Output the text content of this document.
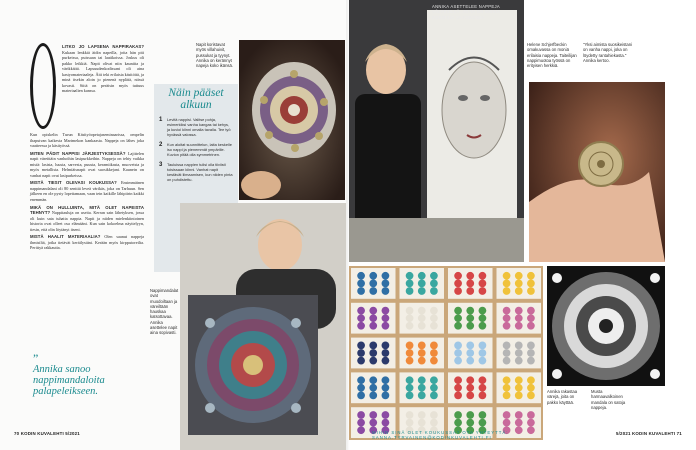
LITKO JO LAPSENA NAPPIRAKAS? Kukaan lenkkiä äidin napeilla, joita hän piti purkeissa, puissaan tai laatikoissa. Joskus oli pakko leikkiä. Napit olivat niin kauniita ja värikkäitä. Lapsuudenkodissani oli aina kastyomateriaaleja. Äiti teki erilaisia käsitöitä, ja minä itsekin aloin jo pienenä nyplätä, niissä kovasti. Siitä on peräisin myös tuttuus materiaalien kanssa.

Kun opiskelin Turun Käsityöopetajaseminaarissa, ompelin ihaputvan kaikesta Marimekon kankaasta. Nappeja on lähes joka vaatteessa ja käsityössä.

MITEN PÄDIT NAPPISI JÄRJESTYKSESSÄ? Lajittelen napit väreittäin vanhoihin lasipurkkeihin. Nappeja on tehty vaikka mistä: lasista, luusta, sarvesta, puusta, keramiikasta, muoveista ja myös metallista. Helmiäisnapit ovat suosikkejani. Kaunein on vanhat napit ovat lasipurkeissa.

MISTÄ TIESIT OLEVASI KOUKUSSA? Ensimmäinen nappimandalani oli 80 senttiä leveä värikäs, joka on Tarhuun. Sen jälkeen en ole pysty lopettamaan, vaan tein kaikille lähipiirin kaikki enemmän.

MIKÄ ON HULLUINTA, MITÄ OLET NAPEISTA TEHNYT? Nappitauluja on useita. Kerran sain lähetyksen, jossa oli kuin sata tuhatta nappia. Napit ja niiden mielenkiintoinen historia ovat olleet osa elämääni. Kun sain kokoelma näyttelyyn, tiesin, että olin löytänyt itseni.

MISTÄ HAALIT MATERIAALIA? Olen saanut nappeja ihmisiltä, jotka tietävät keräilystäni. Kerään myös kirpputoreilta. Perittyä rakkautta.

”
Annika sanoo nappimandaloita palapeleikseen.
70 KODIN KUVALEHTI 5/2021
Napit koristavat myös villahuivit, pussukat ja tyynyt. Annika on kerännyt napeja koko ikänsä.
Näin pääset alkuun
1	Levitä nappisi. Valitse pohja, esimerkiksi vanha kangas tai kehys, ja kuvioi kiinni omalla tavalla. Tee työ hyvässä valossa.
2	Kun aloitat suunnittelun, laita keskelle iso nappi ja pienemmät ympärille. Kuvion pitää olla symmetrinen.
3	Tauluissa nappien tulisi olla tiiviisti toisissaan kiinni. Vanhat napit kestävät liimaamisen, kun niiden pinta on puhdistettu.
Nappimandalat ovat muodoiltaan ja väreiltään hauskaa katsottavaa. Annika asettelee napit aina sopivasti.
ANNIKA ASETTELEE NAPPEJA VÄLYKSILLÄ, JOITA ON MONIA KOKOISIA JA KOKOISIA.
Helene Schjerfbeckin omakuvassa on moniä erilaisia nappeja. Taiteilijan nappimuotoa työssä on erityisen herkkiä.
"Yksi aimista suosikeistani on vanha nappi, joka on löydetty rantahiekasta." Annika kertoo.
Annika rakastaa värejä, joita on pakko käyttää.
Musta harmaavalkoinen mandala on satoja nappeja.
MIHIN SINÄ OLET KOUKUSSA? OTA YHTEYTTÄ: SANNA.TYRVAINEN@KODINKUVALEHTI.FI
5/2021 KODIN KUVALEHTI 71
